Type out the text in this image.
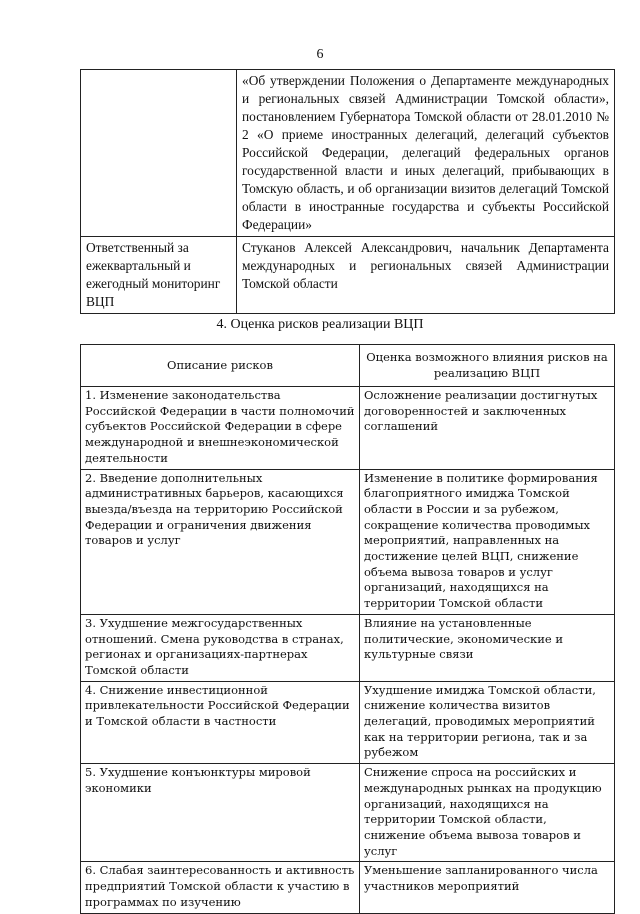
6
	«Об утверждении Положения о Департаменте международных и региональных связей Администрации Томской области», постановлением Губернатора Томской области от 28.01.2010 № 2 «О приеме иностранных делегаций, делегаций субъектов Российской Федерации, делегаций федеральных органов государственной власти и иных делегаций, прибывающих в Томскую область, и об организации визитов делегаций Томской области в иностранные государства и субъекты Российской Федерации»
Ответственный за ежеквартальный и ежегодный мониторинг ВЦП	Стуканов Алексей Александрович, начальник Департамента международных и региональных связей Администрации Томской области
4. Оценка рисков реализации ВЦП
Описание рисков	Оценка возможного влияния рисков на реализацию ВЦП
1. Изменение законодательства Российской Федерации в части полномочий субъектов Российской Федерации в сфере международной и внешнеэкономической деятельности	Осложнение реализации достигнутых договоренностей и заключенных соглашений
2. Введение дополнительных административных барьеров, касающихся выезда/въезда на территорию Российской Федерации и ограничения движения товаров и услуг	Изменение в политике формирования благоприятного имиджа Томской области в России и за рубежом, сокращение количества проводимых мероприятий, направленных на достижение целей ВЦП, снижение объема вывоза товаров и услуг организаций, находящихся на территории Томской области
3. Ухудшение межгосударственных отношений. Смена руководства в странах, регионах и организациях-партнерах Томской области	Влияние на установленные политические, экономические и культурные связи
4. Снижение инвестиционной привлекательности Российской Федерации и Томской области в частности	Ухудшение имиджа Томской области, снижение количества визитов делегаций, проводимых мероприятий как на территории региона, так и за рубежом
5. Ухудшение конъюнктуры мировой экономики	Снижение спроса на российских и международных рынках на продукцию организаций, находящихся на территории Томской области, снижение объема вывоза товаров и услуг
6. Слабая заинтересованность и активность предприятий Томской области к участию в программах по изучению	Уменьшение запланированного числа участников мероприятий
